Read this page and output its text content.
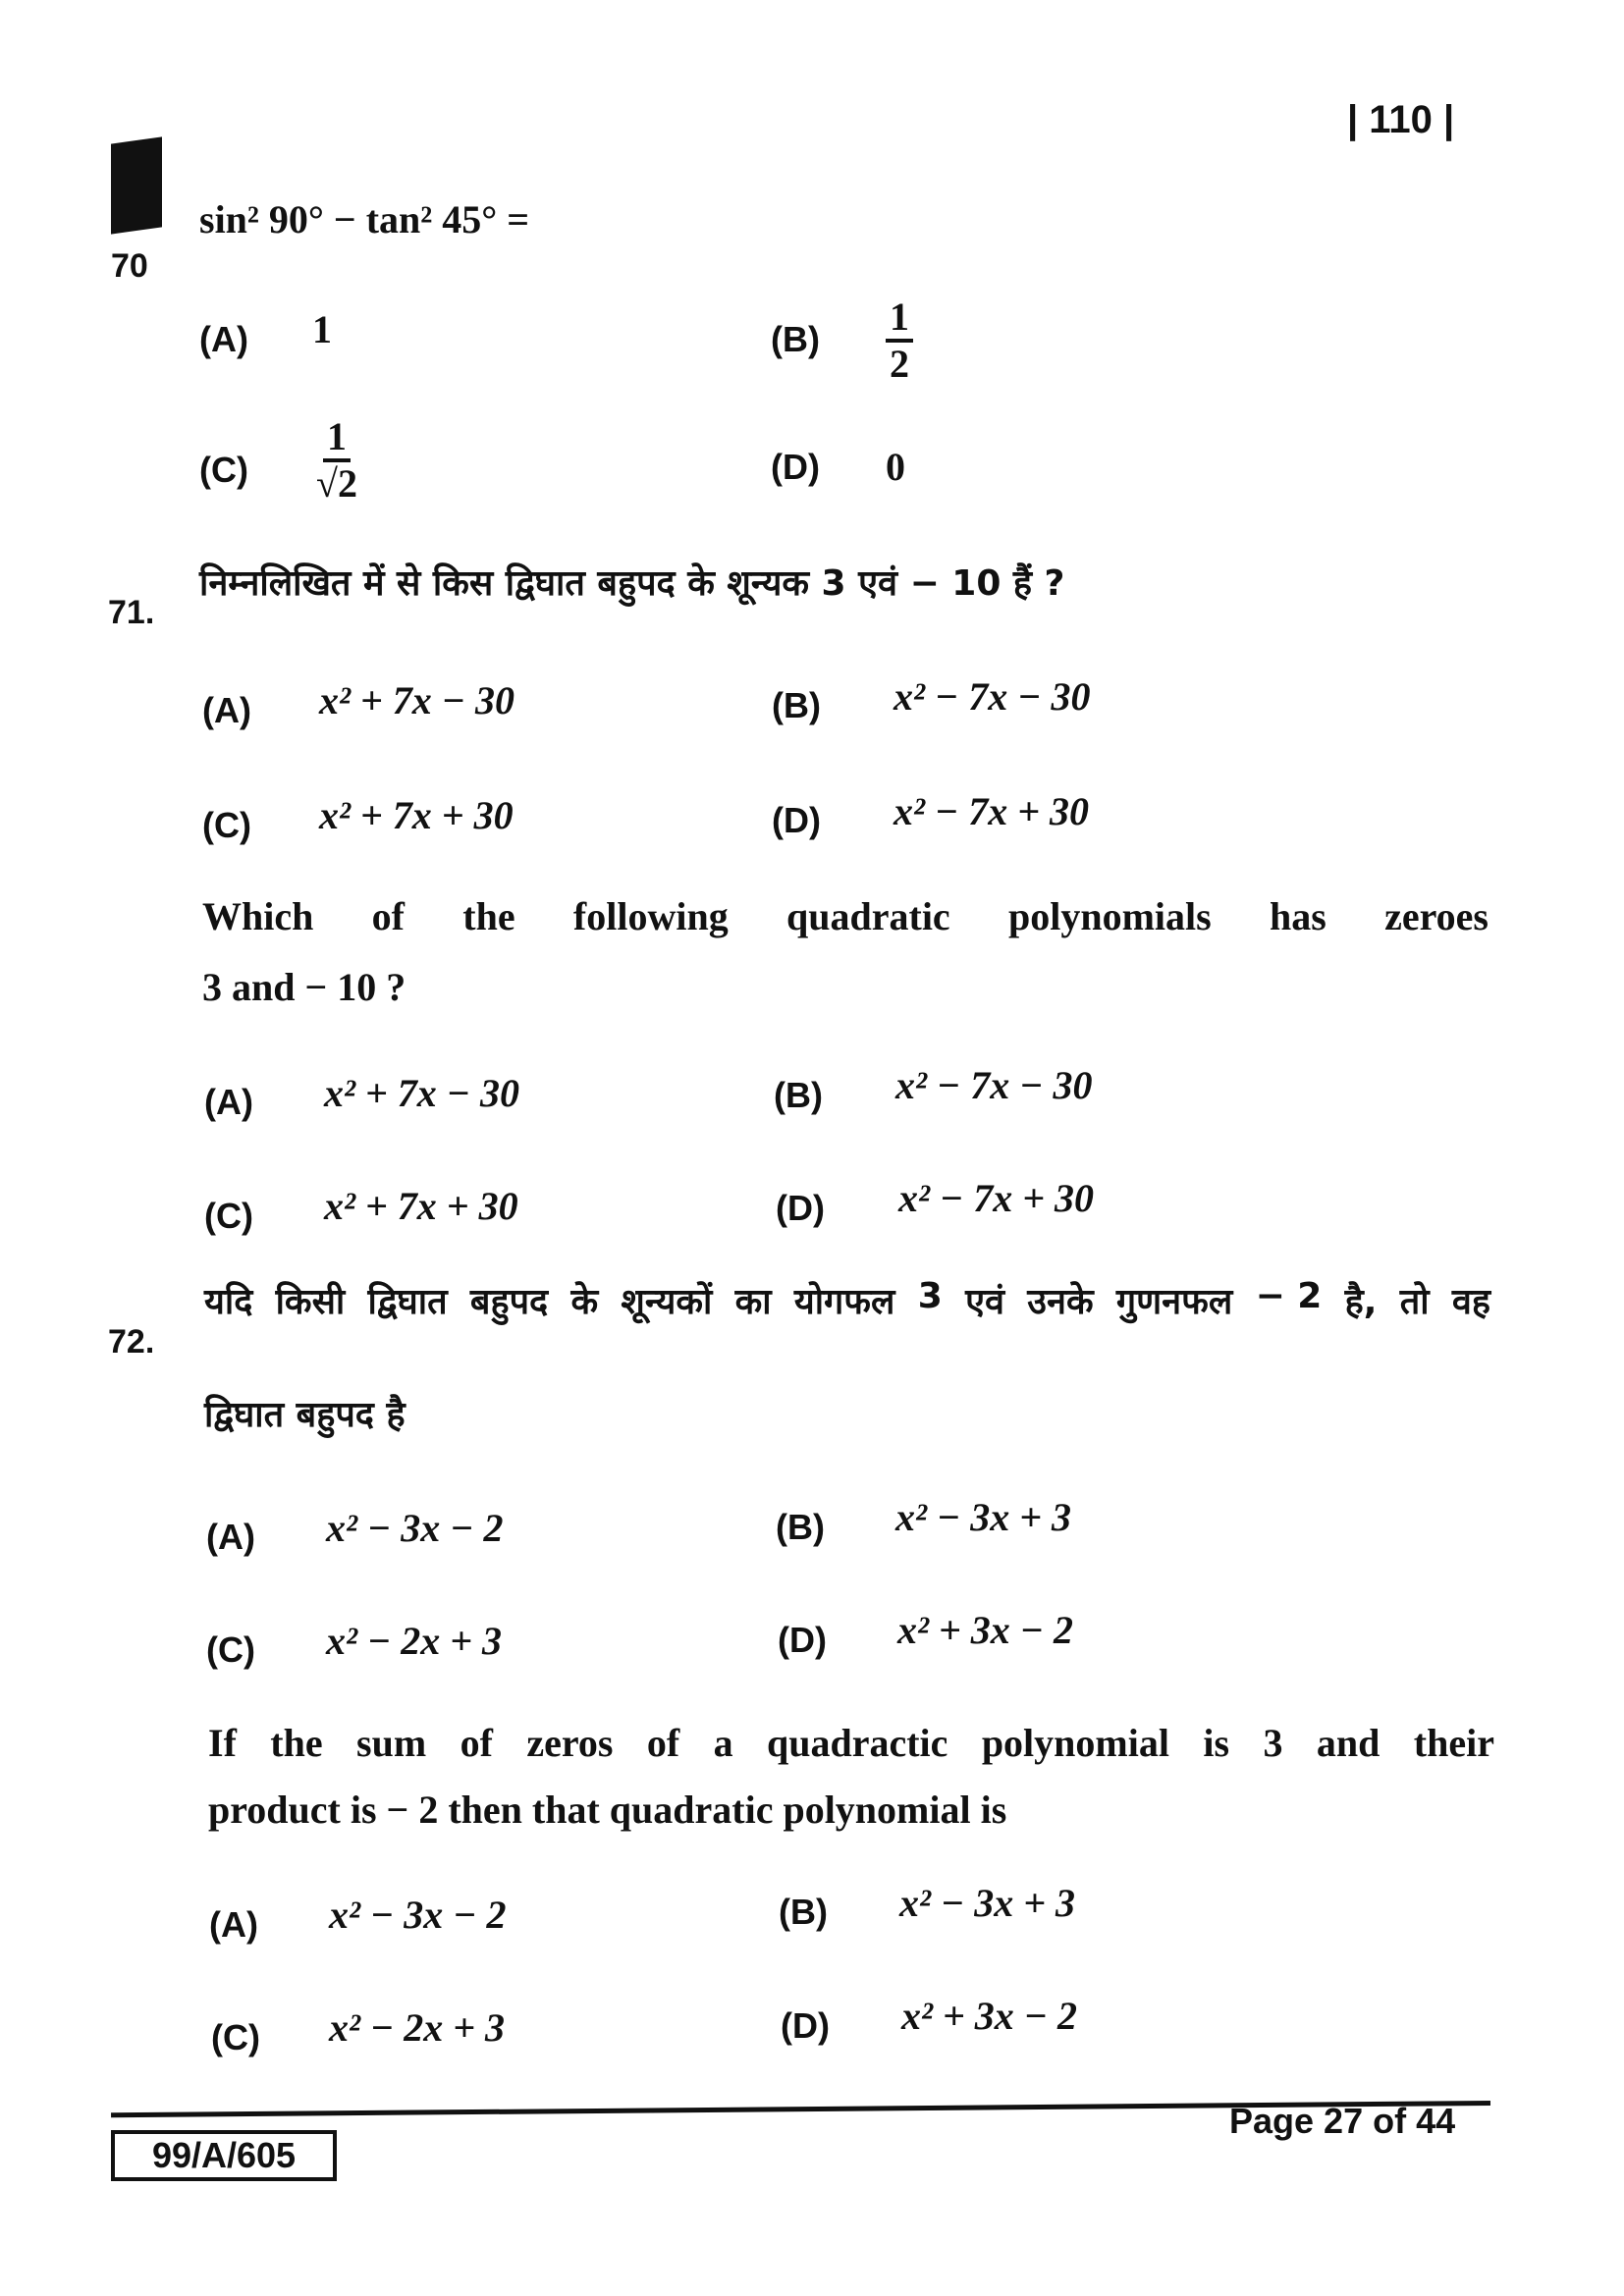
| 110 |
70
sin² 90° − tan² 45° =
(A) 1	$(B) \frac{1}{2}$
$(C) \frac{1}{√2}$	(D) 0
71.
निम्नलिखित में से किस द्विघात बहुपद के शून्यक 3 एवं − 10 हैं ?
(A) x² + 7x − 30	(B) x² − 7x − 30
(C) x² + 7x + 30	(D) x² − 7x + 30
Which of the following quadratic polynomials has zeroes
3 and − 10 ?
(A) x² + 7x − 30	(B) x² − 7x − 30
(C) x² + 7x + 30	(D) x² − 7x + 30
72.
यदि किसी द्विघात बहुपद के शून्यकों का योगफल 3 एवं उनके गुणनफल − 2 है, तो वह
द्विघात बहुपद है
(A) x² − 3x − 2	(B) x² − 3x + 3
(C) x² − 2x + 3	(D) x² + 3x − 2
If the sum of zeros of a quadractic polynomial is 3 and their
product is − 2 then that quadratic polynomial is
(A) x² − 3x − 2	(B) x² − 3x + 3
(C) x² − 2x + 3	(D) x² + 3x − 2
99/A/605
Page 27 of 44
